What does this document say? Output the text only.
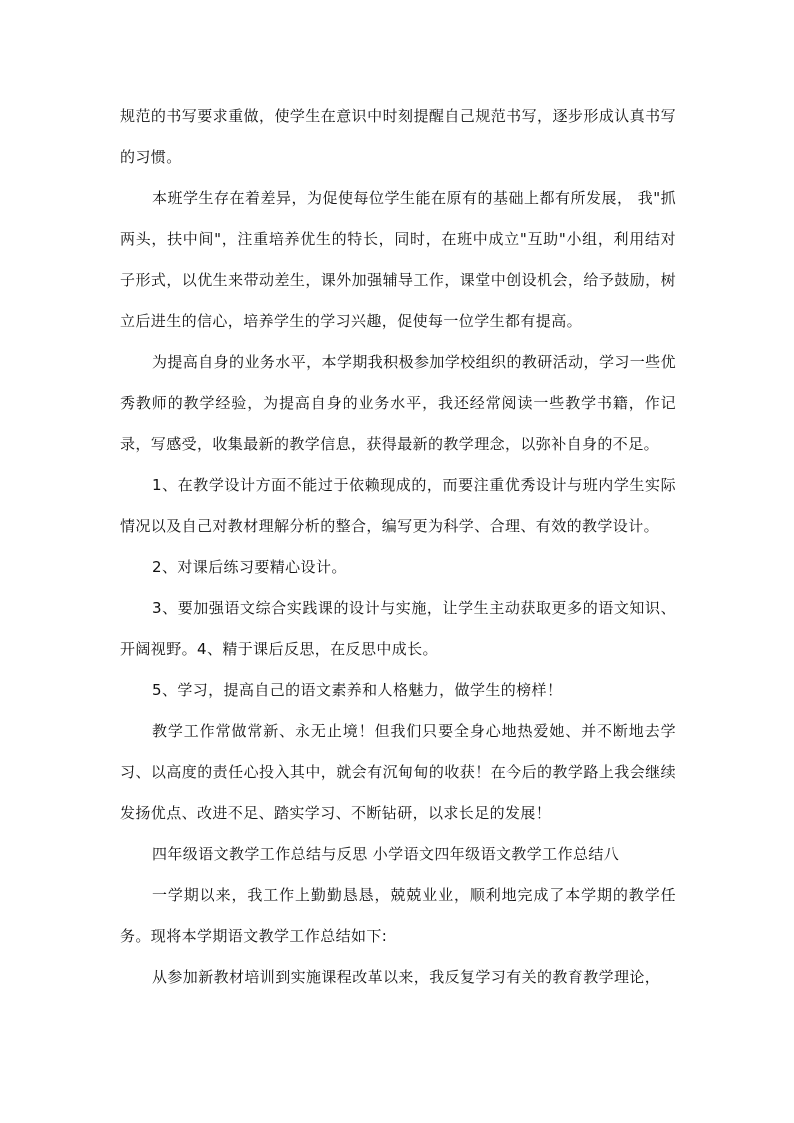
规范的书写要求重做，使学生在意识中时刻提醒自己规范书写，逐步形成认真书写的习惯。

本班学生存在着差异，为促使每位学生能在原有的基础上都有所发展， 我"抓两头，扶中间"，注重培养优生的特长，同时，在班中成立"互助"小组，利用结对子形式，以优生来带动差生，课外加强辅导工作，课堂中创设机会，给予鼓励，树立后进生的信心，培养学生的学习兴趣，促使每一位学生都有提高。

为提高自身的业务水平，本学期我积极参加学校组织的教研活动，学习一些优秀教师的教学经验，为提高自身的业务水平，我还经常阅读一些教学书籍，作记录，写感受，收集最新的教学信息，获得最新的教学理念，以弥补自身的不足。

1、在教学设计方面不能过于依赖现成的，而要注重优秀设计与班内学生实际情况以及自己对教材理解分析的整合，编写更为科学、合理、有效的教学设计。

2、对课后练习要精心设计。

3、要加强语文综合实践课的设计与实施，让学生主动获取更多的语文知识、开阔视野。4、精于课后反思，在反思中成长。

5、学习，提高自己的语文素养和人格魅力，做学生的榜样！

教学工作常做常新、永无止境！但我们只要全身心地热爱她、并不断地去学习、以高度的责任心投入其中，就会有沉甸甸的收获！在今后的教学路上我会继续发扬优点、改进不足、踏实学习、不断钻研，以求长足的发展！

四年级语文教学工作总结与反思 小学语文四年级语文教学工作总结八

一学期以来，我工作上勤勤恳恳，兢兢业业，顺利地完成了本学期的教学任务。现将本学期语文教学工作总结如下:

从参加新教材培训到实施课程改革以来，我反复学习有关的教育教学理论，
